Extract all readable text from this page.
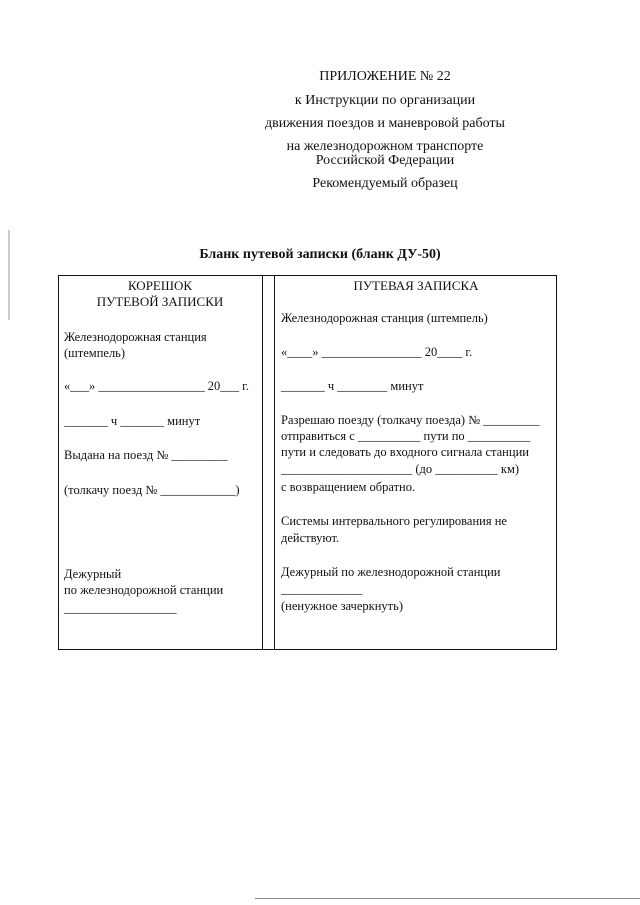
ПРИЛОЖЕНИЕ № 22
к Инструкции по организации
движения поездов и маневровой работы
на железнодорожном транспорте
Российской Федерации
Рекомендуемый образец
Бланк путевой записки (бланк ДУ-50)
КОРЕШОК
ПУТЕВОЙ ЗАПИСКИ
Железнодорожная станция
(штемпель)
«___» _________________ 20___ г.
_______ ч _______ минут
Выдана на поезд № _________
(толкачу поезд № ____________)
Дежурный
по железнодорожной станции
__________________
ПУТЕВАЯ ЗАПИСКА
Железнодорожная станция (штемпель)
«____» ________________ 20____ г.
_______ ч ________ минут
Разрешаю поезду (толкачу поезда) № _________
отправиться с __________ пути по __________
пути и следовать до входного сигнала станции
_____________________ (до __________ км)
с возвращением обратно.
Системы интервального регулирования не
действуют.
Дежурный по железнодорожной станции
_____________
(ненужное зачеркнуть)
